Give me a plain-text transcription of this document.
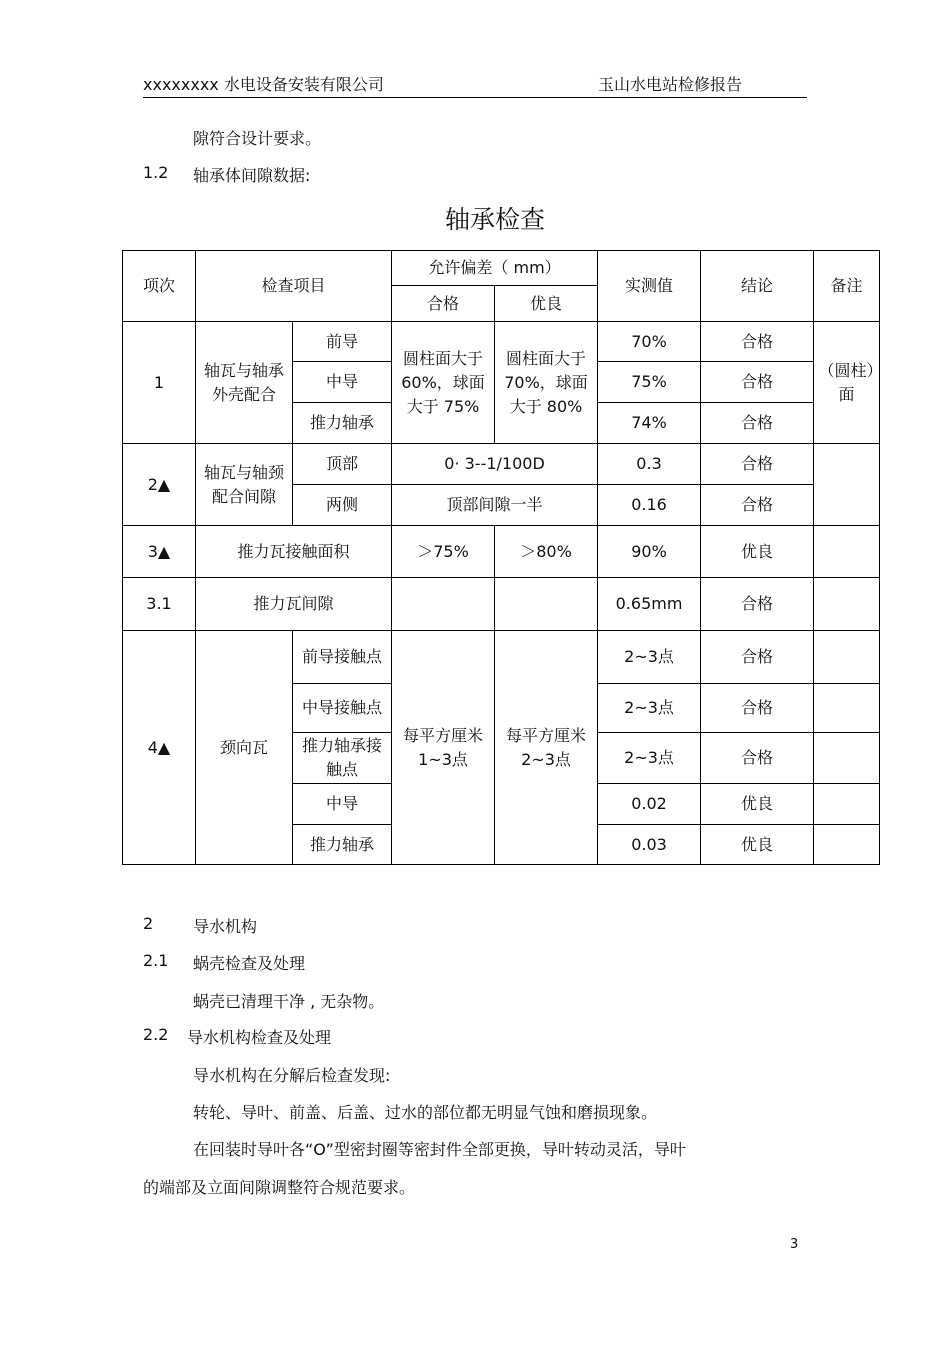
xxxxxxxx 水电设备安装有限公司	玉山水电站检修报告
隙符合设计要求。
1.2 轴承体间隙数据:
轴承检查
项次	检查项目		允许偏差（ mm）		实测值	结论	备注
			合格	优良			
1	轴瓦与轴承外壳配合	前导	圆柱面大于 60%，球面大于 75%	圆柱面大于 70%，球面大于 80%	70%	合格	（圆柱）面
		中导			75%	合格	
		推力轴承			74%	合格	
2▲	轴瓦与轴颈配合间隙	顶部	0· 3--1/100D		0.3	合格	
		两侧	顶部间隙一半		0.16	合格	
3▲	推力瓦接触面积		＞75%	＞80%	90%	优良	
3.1	推力瓦间隙				0.65mm	合格	
4▲	颈向瓦	前导接触点	每平方厘米 1~3点	每平方厘米 2~3点	2~3点	合格	
		中导接触点			2~3点	合格	
		推力轴承接触点			2~3点	合格	
		中导			0.02	优良	
		推力轴承			0.03	优良	
2 导水机构
2.1 蜗壳检查及处理
蜗壳已清理干净 , 无杂物。
2.2 导水机构检查及处理
导水机构在分解后检查发现:
转轮、导叶、前盖、后盖、过水的部位都无明显气蚀和磨损现象。
在回装时导叶各“O”型密封圈等密封件全部更换，导叶转动灵活，导叶
的端部及立面间隙调整符合规范要求。
3
